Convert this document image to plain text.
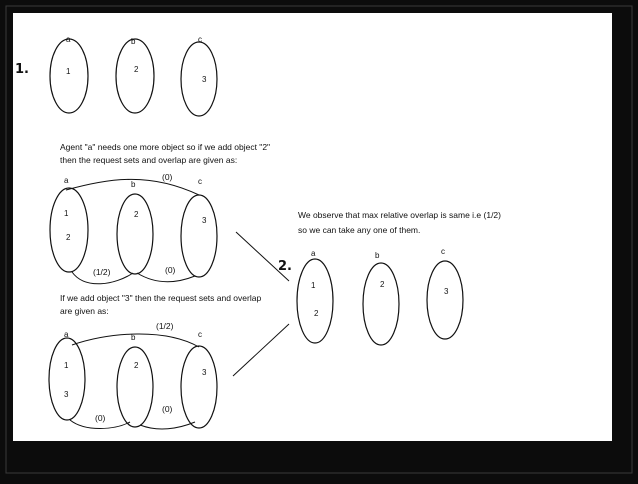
1.
a
1
b
2
c
3
Agent "a" needs one more object so if we add object "2"
then the request sets and overlap are given as:
a
1
2
b
2
c
3
(0)
(1/2)	(0)
If we add object "3" then the request sets and overlap
are given as:
a
1
3
b
2
c
3
(1/2)
(0)
(0)
2.
We observe that max relative overlap is same i.e (1/2)
so we can take any one of them.
a
1
2
b
2
c
3
